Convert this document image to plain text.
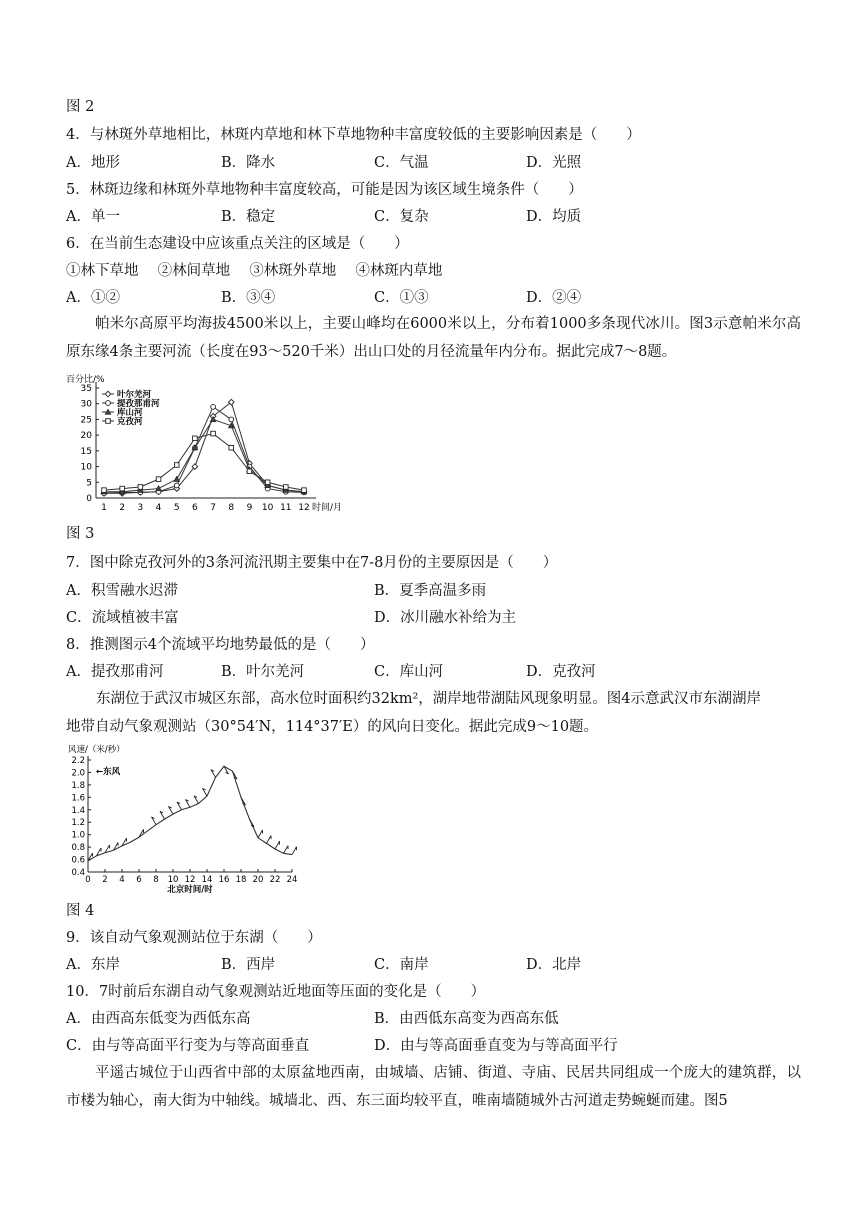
图 2
4．与林斑外草地相比，林斑内草地和林下草地物种丰富度较低的主要影响因素是（　　）
A．地形	B．降水	C．气温	D．光照
5．林斑边缘和林斑外草地物种丰富度较高，可能是因为该区域生境条件（　　）
A．单一	B．稳定	C．复杂	D．均质
6．在当前生态建设中应该重点关注的区域是（　　）
①林下草地　 ②林间草地　 ③林斑外草地　 ④林斑内草地
A．①②	B．③④	C．①③	D．②④
帕米尔高原平均海拔4500米以上，主要山峰均在6000米以上，分布着1000多条现代冰川。图3示意帕米尔高原东缘4条主要河流（长度在93～520千米）出山口处的月径流量年内分布。据此完成7～8题。
百分比/%
0
5
10
15
20
25
30
35
1 2 3 4 5 6 7 8 9 10 11 12 时间/月
叶尔羌河
提孜那甫河
库山河
克孜河
图 3
7．图中除克孜河外的3条河流汛期主要集中在7-8月份的主要原因是（　　）
A．积雪融水迟滞	B．夏季高温多雨
C．流域植被丰富	D．冰川融水补给为主
8．推测图示4个流域平均地势最低的是（　　）
A．提孜那甫河	B．叶尔羌河	C．库山河	D．克孜河
东湖位于武汉市城区东部，高水位时面积约32km²，湖岸地带湖陆风现象明显。图4示意武汉市东湖湖岸
地带自动气象观测站（30°54′N，114°37′E）的风向日变化。据此完成9～10题。
风速/（米/秒）
0.4
0.6
0.8
1.0
1.2
1.4
1.6
1.8
2.0
2.2
0 2 4 6 8 10 12 14 16 18 20 22 24
北京时间/时
←东风
图 4
9．该自动气象观测站位于东湖（　　）
A．东岸	B．西岸	C．南岸	D．北岸
10．7时前后东湖自动气象观测站近地面等压面的变化是（　　）
A．由西高东低变为西低东高	B．由西低东高变为西高东低
C．由与等高面平行变为与等高面垂直	D．由与等高面垂直变为与等高面平行
平遥古城位于山西省中部的太原盆地西南，由城墙、店铺、街道、寺庙、民居共同组成一个庞大的建筑群，以市楼为轴心，南大街为中轴线。城墙北、西、东三面均较平直，唯南墙随城外古河道走势蜿蜒而建。图5
